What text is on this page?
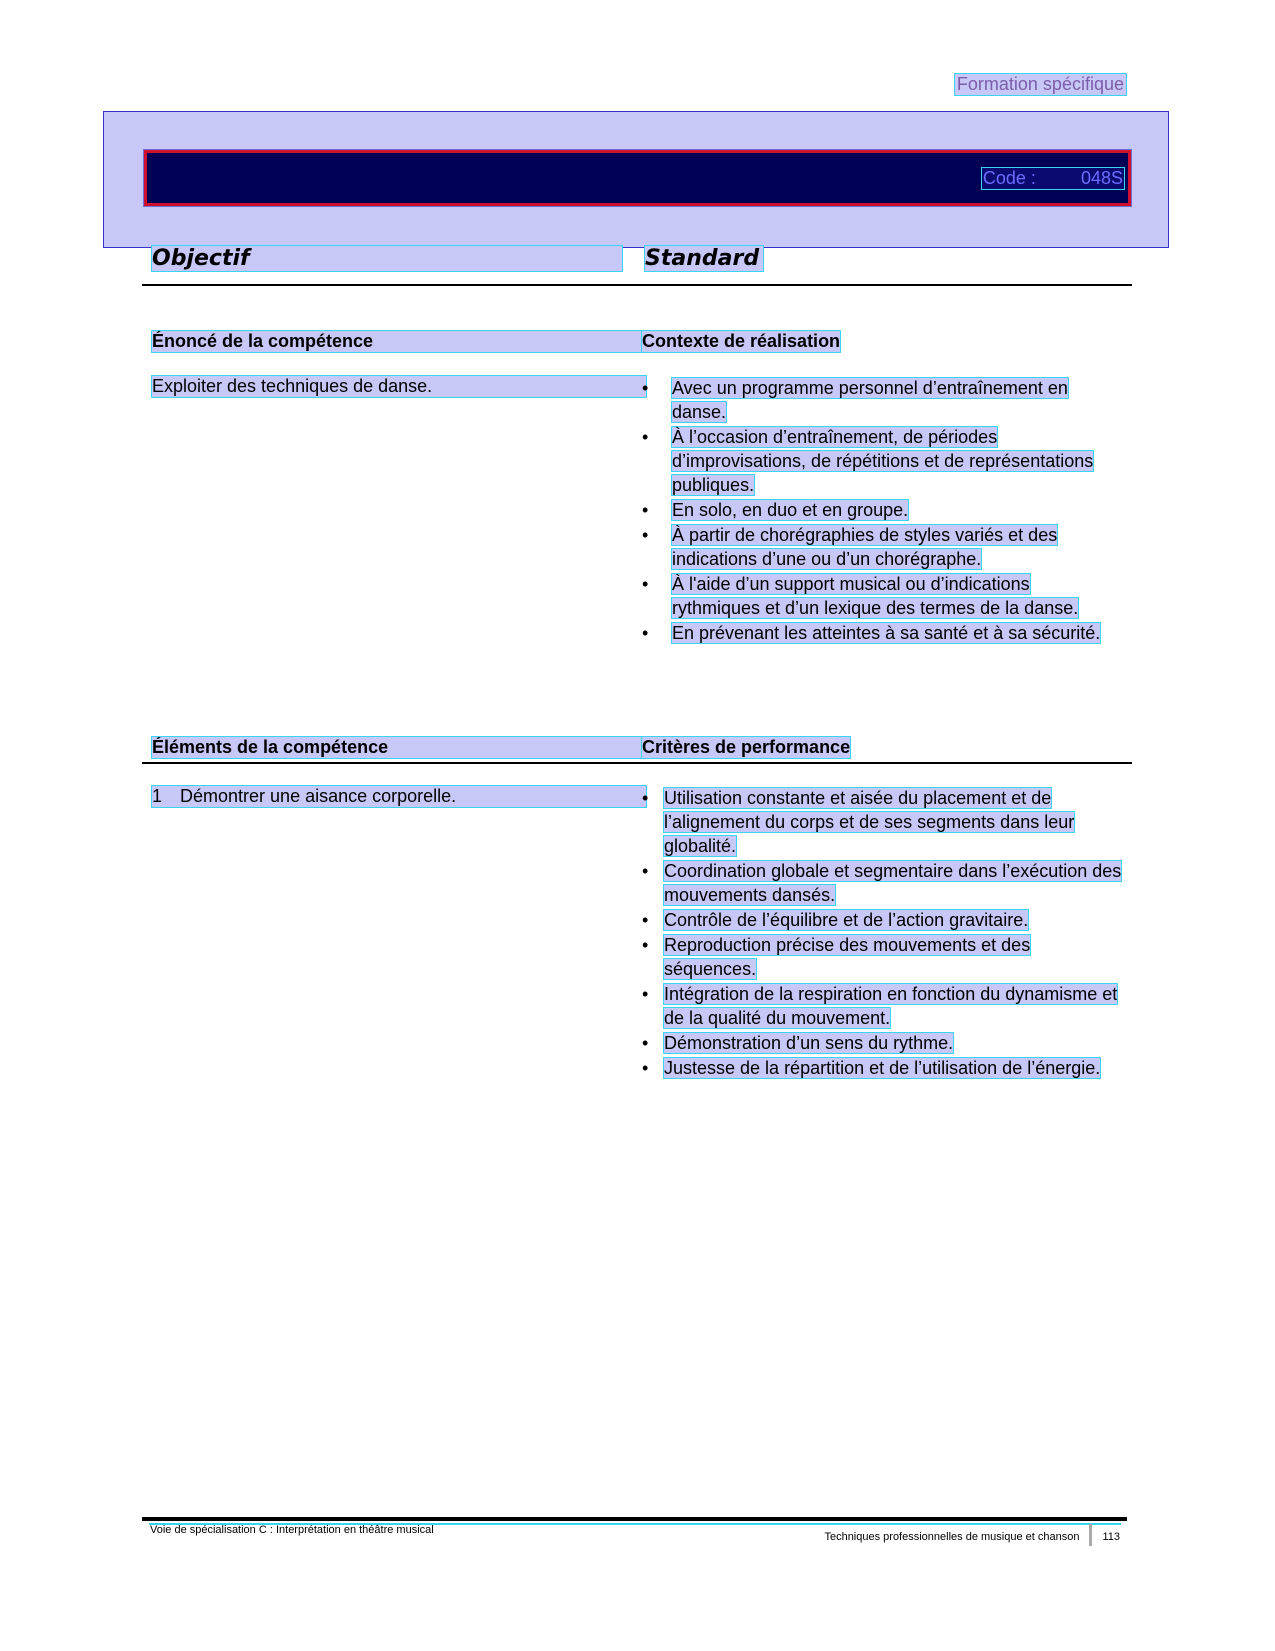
Formation spécifique
Code :	048S
Objectif	Standard
Énoncé de la compétence	Contexte de réalisation
Exploiter des techniques de danse.	•	Avec un programme personnel d’entraînement en danse.
•	À l’occasion d’entraînement, de périodes d’improvisations, de répétitions et de représentations publiques.
•	En solo, en duo et en groupe.
•	À partir de chorégraphies de styles variés et des indications d’une ou d’un chorégraphe.
•	À l'aide d’un support musical ou d’indications rythmiques et d’un lexique des termes de la danse.
•	En prévenant les atteintes à sa santé et à sa sécurité.
Éléments de la compétence	Critères de performance
1 Démontrer une aisance corporelle.	• Utilisation constante et aisée du placement et de l’alignement du corps et de ses segments dans leur globalité.
• Coordination globale et segmentaire dans l’exécution des mouvements dansés.
• Contrôle de l’équilibre et de l’action gravitaire.
• Reproduction précise des mouvements et des séquences.
• Intégration de la respiration en fonction du dynamisme et de la qualité du mouvement.
• Démonstration d’un sens du rythme.
• Justesse de la répartition et de l’utilisation de l’énergie.
Voie de spécialisation C : Interprétation en théâtre musical
Techniques professionnelles de musique et chanson 113
